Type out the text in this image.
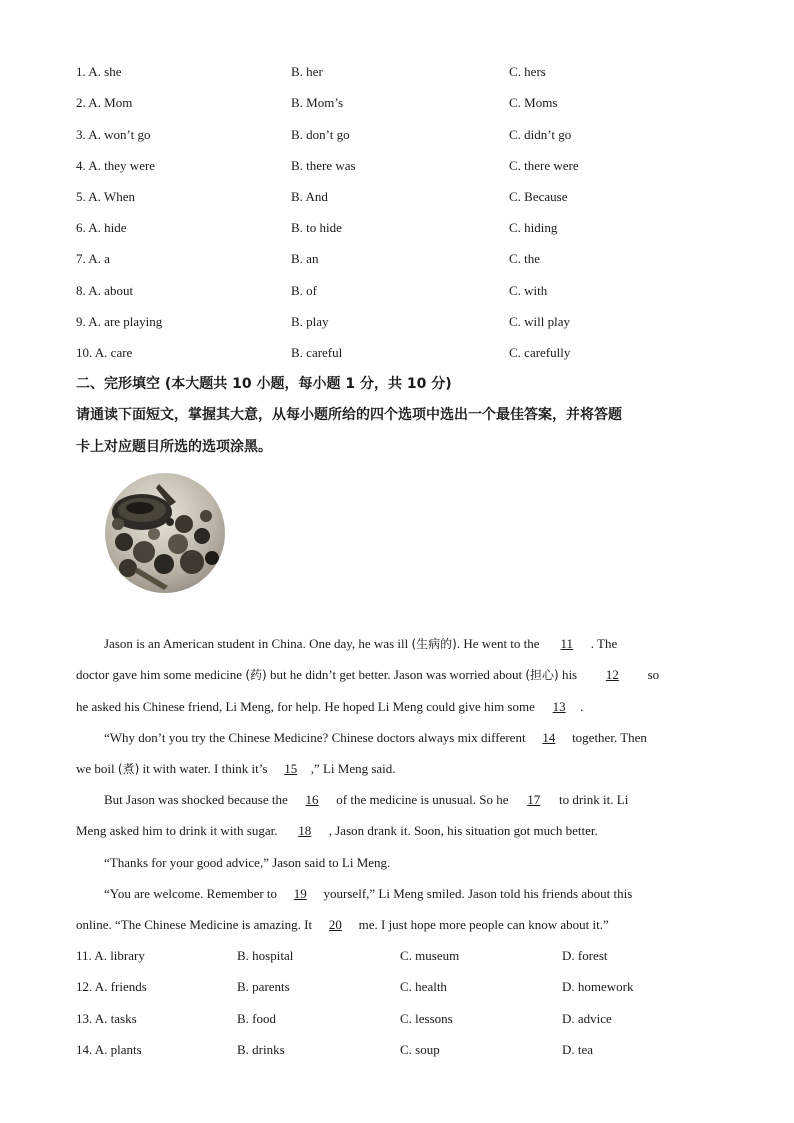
1. A. she	B. her	C. hers
2. A. Mom	B. Mom’s	C. Moms
3. A. won’t go	B. don’t go	C. didn’t go
4. A. they were	B. there was	C. there were
5. A. When	B. And	C. Because
6. A. hide	B. to hide	C. hiding
7. A. a	B. an	C. the
8. A. about	B. of	C. with
9. A. are playing	B. play	C. will play
10. A. care	B. careful	C. carefully
二、完形填空 (本大题共 10 小题，每小题 1 分，共 10 分)
请通读下面短文，掌握其大意，从每小题所给的四个选项中选出一个最佳答案，并将答题
卡上对应题目所选的选项涂黑。
Jason is an American student in China. One day, he was ill (生病的). He went to the 11 . The
doctor gave him some medicine (药) but he didn’t get better. Jason was worried about (担心) his 12 so
he asked his Chinese friend, Li Meng, for help. He hoped Li Meng could give him some 13 .
“Why don’t you try the Chinese Medicine? Chinese doctors always mix different 14 together. Then
we boil (煮) it with water. I think it’s 15 ,” Li Meng said.
But Jason was shocked because the 16 of the medicine is unusual. So he 17 to drink it. Li
Meng asked him to drink it with sugar. 18 , Jason drank it. Soon, his situation got much better.
“Thanks for your good advice,” Jason said to Li Meng.
“You are welcome. Remember to 19 yourself,” Li Meng smiled. Jason told his friends about this
online. “The Chinese Medicine is amazing. It 20 me. I just hope more people can know about it.”
11. A. library	B. hospital	C. museum	D. forest
12. A. friends	B. parents	C. health	D. homework
13. A. tasks	B. food	C. lessons	D. advice
14. A. plants	B. drinks	C. soup	D. tea
